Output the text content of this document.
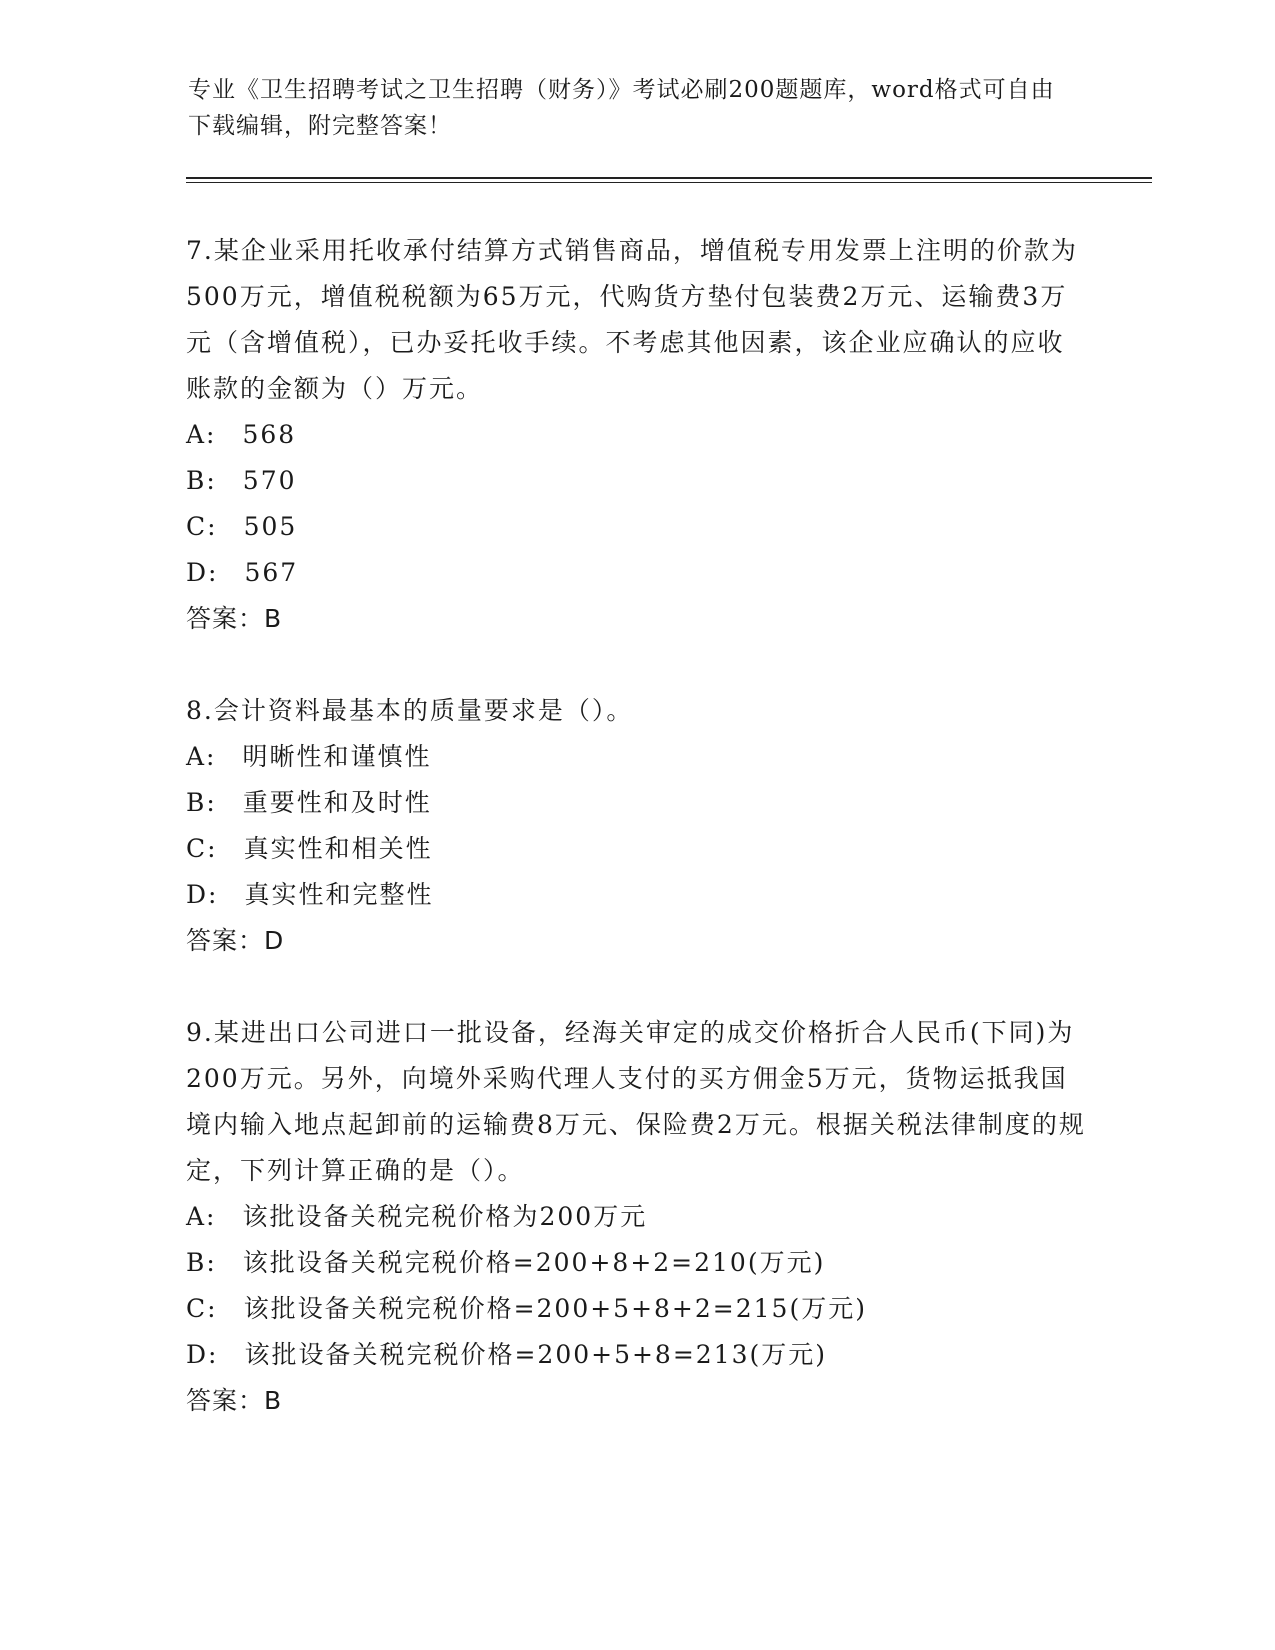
专业《卫生招聘考试之卫生招聘（财务）》考试必刷200题题库，word格式可自由下载编辑，附完整答案！

7.某企业采用托收承付结算方式销售商品，增值税专用发票上注明的价款为500万元，增值税税额为65万元，代购货方垫付包装费2万元、运输费3万元（含增值税），已办妥托收手续。不考虑其他因素，该企业应确认的应收账款的金额为（）万元。

A: 568

B: 570

C: 505

D: 567

答案：B

8.会计资料最基本的质量要求是（）。

A: 明晰性和谨慎性

B: 重要性和及时性

C: 真实性和相关性

D: 真实性和完整性

答案：D

9.某进出口公司进口一批设备，经海关审定的成交价格折合人民币(下同)为200万元。另外，向境外采购代理人支付的买方佣金5万元，货物运抵我国境内输入地点起卸前的运输费8万元、保险费2万元。根据关税法律制度的规定，下列计算正确的是（）。

A: 该批设备关税完税价格为200万元

B: 该批设备关税完税价格=200+8+2=210(万元)

C: 该批设备关税完税价格=200+5+8+2=215(万元)

D: 该批设备关税完税价格=200+5+8=213(万元)

答案：B
